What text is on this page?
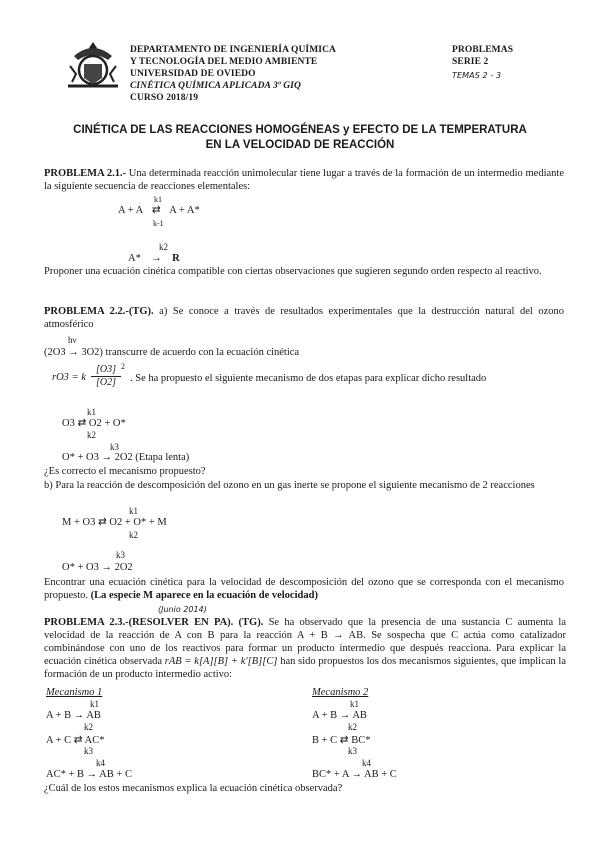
DEPARTAMENTO DE INGENIERÍA QUÍMICA
Y TECNOLOGÍA DEL MEDIO AMBIENTE
UNIVERSIDAD DE OVIEDO
CINÉTICA QUÍMICA APLICADA 3º GIQ
CURSO 2018/19
PROBLEMAS
SERIE 2
TEMAS 2 - 3
CINÉTICA DE LAS REACCIONES HOMOGÉNEAS y EFECTO DE LA TEMPERATURA
EN LA VELOCIDAD DE REACCIÓN
PROBLEMA 2.1.- Una determinada reacción unimolecular tiene lugar a través de la formación de un intermedio mediante la siguiente secuencia de reacciones elementales:
k1
A + A ⇄ A + A*
k-1
k2
A* → R
Proponer una ecuación cinética compatible con ciertas observaciones que sugieren segundo orden respecto al reactivo.
PROBLEMA 2.2.-(TG). a) Se conoce a través de resultados experimentales que la destrucción natural del ozono atmosférico
hν
(2O3 → 3O2) transcurre de acuerdo con la ecuación cinética
rO3 = k $\frac{[O3]}{[O2]} 2$
. Se ha propuesto el siguiente mecanismo de dos etapas para explicar dicho resultado
k1
O3 ⇄ O2 + O*
k2
k3
O* + O3 → 2O2 (Etapa lenta)
¿Es correcto el mecanismo propuesto?
b) Para la reacción de descomposición del ozono en un gas inerte se propone el siguiente mecanismo de 2 reacciones
k1
M + O3 ⇄ O2 + O* + M
k2
k3
O* + O3 → 2O2
Encontrar una ecuación cinética para la velocidad de descomposición del ozono que se corresponda con el mecanismo propuesto. (La especie M aparece en la ecuación de velocidad)
(Junio 2014)
PROBLEMA 2.3.-(RESOLVER EN PA). (TG). Se ha observado que la presencia de una sustancia C aumenta la velocidad de la reacción de A con B para la reacción A + B → AB. Se sospecha que C actúa como catalizador combinándose con uno de los reactivos para formar un producto intermedio que después reacciona. Para explicar la ecuación cinética observada rAB = k[A][B] + k′[B][C] han sido propuestos los dos mecanismos siguientes, que implican la formación de un producto intermedio activo:
Mecanismo 1	Mecanismo 2
k1
A + B → AB
k2
A + C ⇄ AC*
k3
k4
AC* + B → AB + C
k1
A + B → AB
k2
B + C ⇄ BC*
k3
k4
BC* + A → AB + C
¿Cuál de los estos mecanismos explica la ecuación cinética observada?
